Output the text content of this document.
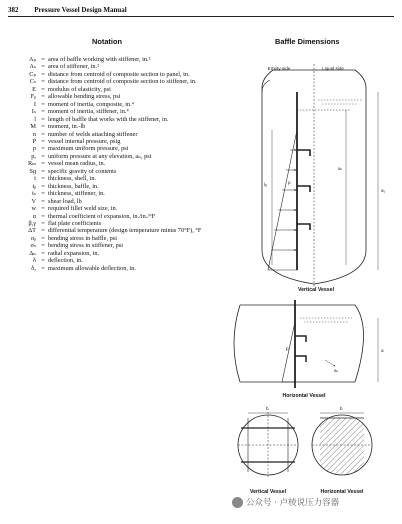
382 Pressure Vessel Design Manual
Notation	Baffle Dimensions
Aₚ = area of baffle working with stiffener, in.²
Aₛ = area of stiffener, in.²
Cₚ = distance from centroid of composite section to panel, in.
Cₛ = distance from centroid of composite section to stiffener, in.
E = modulus of elasticity, psi
Fᵦ = allowable bending stress, psi
I = moment of inertia, composite, in.⁴
Iₛ = moment of inertia, stiffener, in.⁴
l = length of baffle that works with the stiffener, in.
M = moment, in.-lb
n = number of welds attaching stiffener
P = vessel internal pressure, psig
p = maximum uniform pressure, psi
pₑ = uniform pressure at any elevation, aₙ, psi
Rₘ = vessel mean radius, in.
Sɡ = specific gravity of contents
t = thickness, shell, in.
tᵦ = thickness, baffle, in.
tₛ = thickness, stiffener, in.
V = shear load, lb
w = required fillet weld size, in.
α = thermal coefficient of expansion, in./in./°F
β,γ = flat plate coefficients
ΔT = differential temperature (design temperature minus 70°F), °F
σᵦ = bending stress in baffle, psi
σₛ = bending stress in stiffener, psi
Δₙ = radial expansion, in.
δ = deflection, in.
δₐ = maximum allowable deflection, in.
Empty side	Liquid side
lᵦ
aₙ
a₁
p
Vertical Vessel
p
aₙ
a
Horizontal Vessel
b	b
Vertical Vessel	Horizontal Vessel
公众号 · 卢棱说压力容器
